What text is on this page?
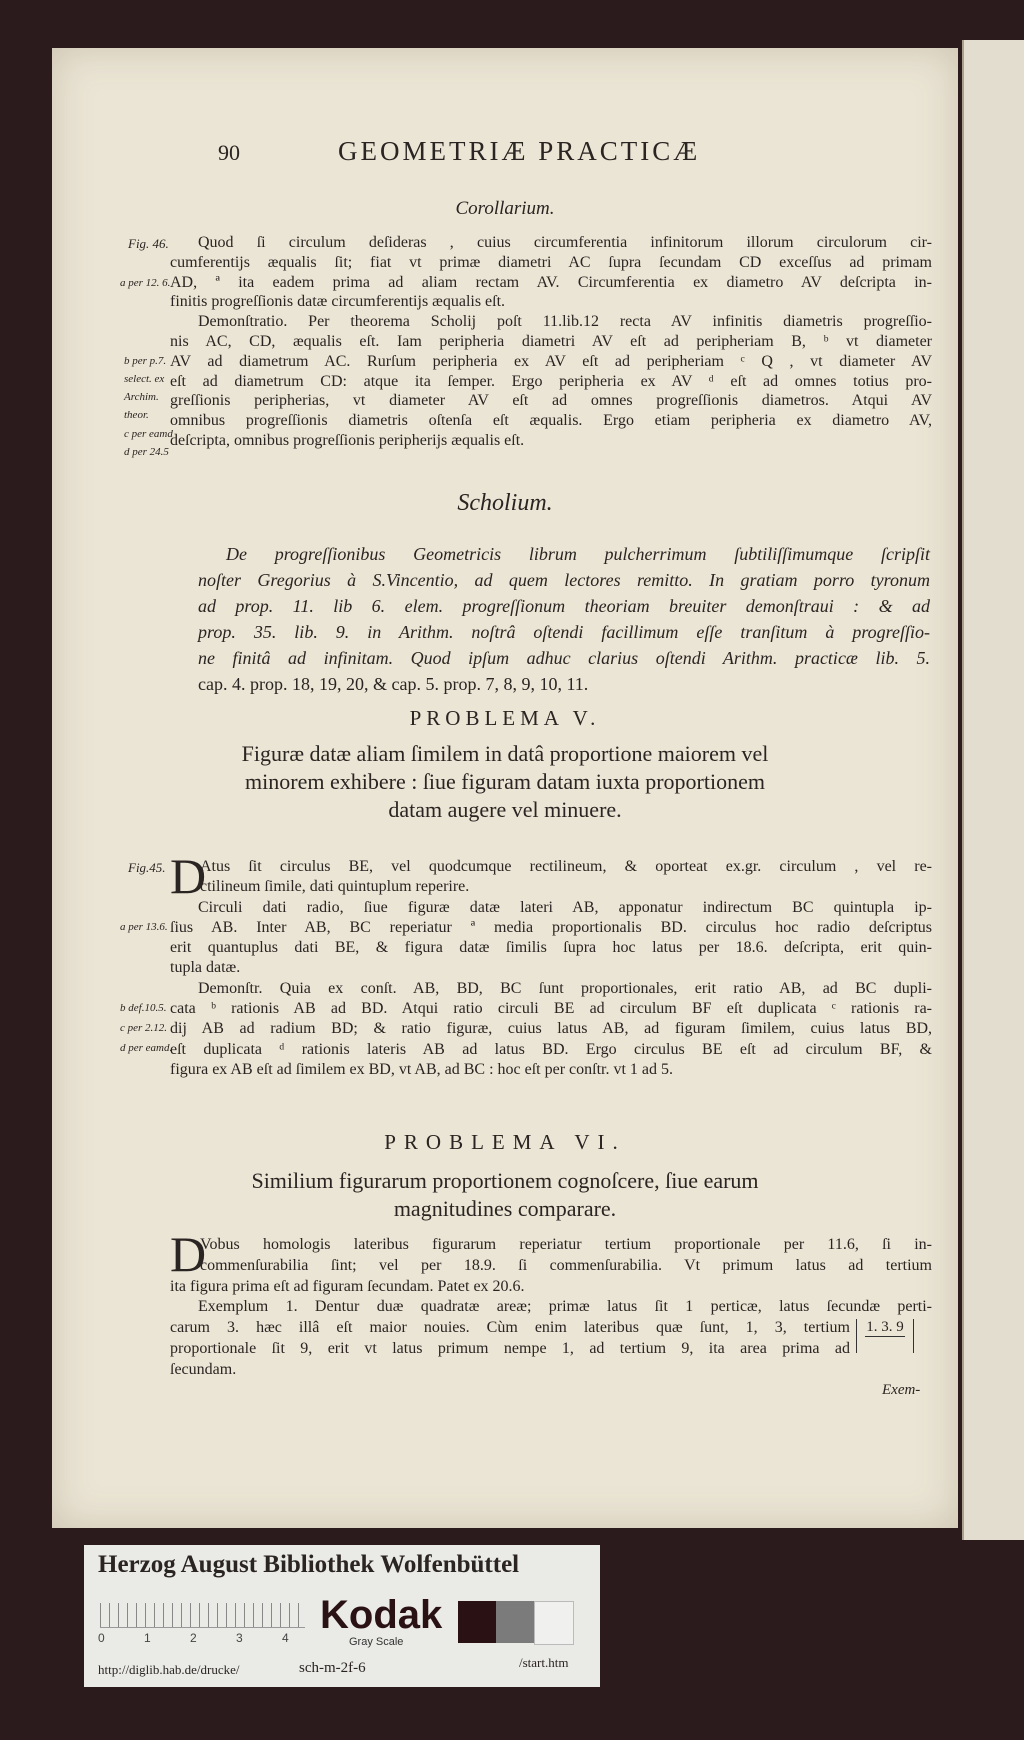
90	GEOMETRIÆ PRACTICÆ
Corollarium.
Fig. 46.
a per 12. 6.
b per p.7.
select. ex
Archim.
theor.
c per eamd
d per 24.5
Quod ſi circulum deſideras , cuius circumferentia infinitorum illorum circulorum cir-
cumferentijs æqualis ſit; fiat vt primæ diametri AC ſupra ſecundam CD exceſſus ad primam
AD, ª ita eadem prima ad aliam rectam AV. Circumferentia ex diametro AV deſcripta in-
finitis progreſſionis datæ circumferentijs æqualis eſt.
Demonſtratio. Per theorema Scholij poſt 11.lib.12 recta AV infinitis diametris progreſſio-
nis AC, CD, æqualis eſt. Iam peripheria diametri AV eſt ad peripheriam B, ᵇ vt diameter
AV ad diametrum AC. Rurſum peripheria ex AV eſt ad peripheriam ᶜ Q , vt diameter AV
eſt ad diametrum CD: atque ita ſemper. Ergo peripheria ex AV ᵈ eſt ad omnes totius pro-
greſſionis peripherias, vt diameter AV eſt ad omnes progreſſionis diametros. Atqui AV
omnibus progreſſionis diametris oſtenſa eſt æqualis. Ergo etiam peripheria ex diametro AV,
deſcripta, omnibus progreſſionis peripherijs æqualis eſt.
Scholium.
De progreſſionibus Geometricis librum pulcherrimum ſubtiliſſimumque ſcripſit
noſter Gregorius à S.Vincentio, ad quem lectores remitto. In gratiam porro tyronum
ad prop. 11. lib 6. elem. progreſſionum theoriam breuiter demonſtraui : & ad
prop. 35. lib. 9. in Arithm. noſtrâ oſtendi facillimum eſſe tranſitum à progreſſio-
ne finitâ ad infinitam. Quod ipſum adhuc clarius oſtendi Arithm. practicæ lib. 5.
cap. 4. prop. 18, 19, 20, & cap. 5. prop. 7, 8, 9, 10, 11.
PROBLEMA V.
Figuræ datæ aliam ſimilem in datâ proportione maiorem vel
minorem exhibere : ſiue figuram datam iuxta proportionem
datam augere vel minuere.
Fig.45.
a per 13.6.
b def.10.5.
c per 2.12.
d per eamd.
D
Atus ſit circulus BE, vel quodcumque rectilineum, & oporteat ex.gr. circulum , vel re-
ctilineum ſimile, dati quintuplum reperire.
Circuli dati radio, ſiue figuræ datæ lateri AB, apponatur indirectum BC quintupla ip-
ſius AB. Inter AB, BC reperiatur ª media proportionalis BD. circulus hoc radio deſcriptus
erit quantuplus dati BE, & figura datæ ſimilis ſupra hoc latus per 18.6. deſcripta, erit quin-
tupla datæ.
Demonſtr. Quia ex conſt. AB, BD, BC ſunt proportionales, erit ratio AB, ad BC dupli-
cata ᵇ rationis AB ad BD. Atqui ratio circuli BE ad circulum BF eſt duplicata ᶜ rationis ra-
dij AB ad radium BD; & ratio figuræ, cuius latus AB, ad figuram ſimilem, cuius latus BD,
eſt duplicata ᵈ rationis lateris AB ad latus BD. Ergo circulus BE eſt ad circulum BF, &
figura ex AB eſt ad ſimilem ex BD, vt AB, ad BC : hoc eſt per conſtr. vt 1 ad 5.
PROBLEMA VI.
Similium figurarum proportionem cognoſcere, ſiue earum
magnitudines comparare.
D
Vobus homologis lateribus figurarum reperiatur tertium proportionale per 11.6, ſi in-
commenſurabilia ſint; vel per 18.9. ſi commenſurabilia. Vt primum latus ad tertium
ita figura prima eſt ad figuram ſecundam. Patet ex 20.6.
Exemplum 1. Dentur duæ quadratæ areæ; primæ latus ſit 1 perticæ, latus ſecundæ perti-
carum 3. hæc illâ eſt maior nouies. Cùm enim lateribus quæ ſunt, 1, 3, tertium
proportionale ſit 9, erit vt latus primum nempe 1, ad tertium 9, ita area prima ad
ſecundam.
1. 3. 9
Exem-
Herzog August Bibliothek Wolfenbüttel
0	1	2	3	4
Kodak
Gray Scale
http://diglib.hab.de/drucke/	sch-m-2f-6	/start.htm
